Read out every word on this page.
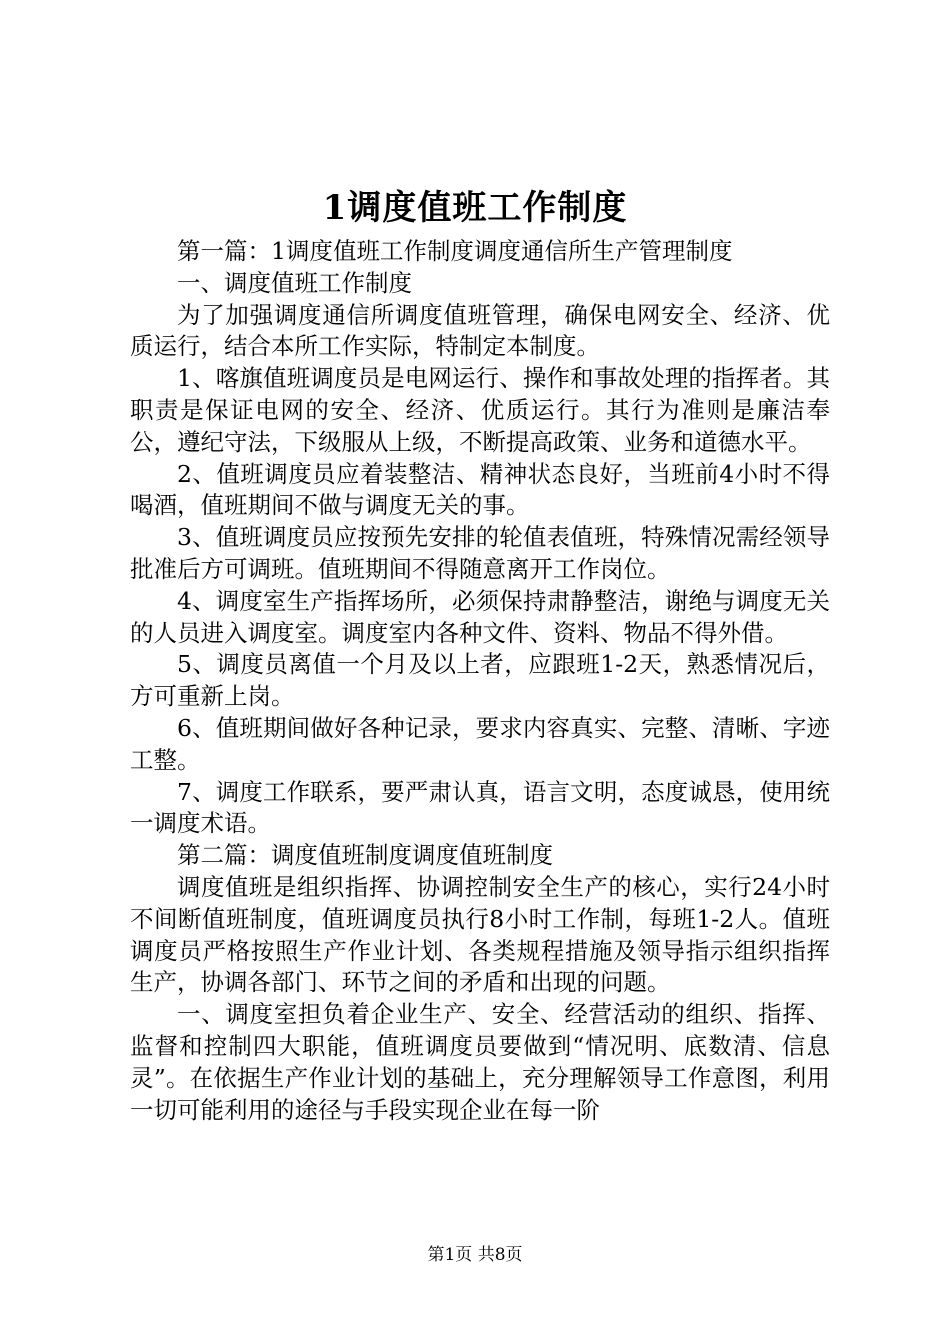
1调度值班工作制度

第一篇：1调度值班工作制度调度通信所生产管理制度

一、调度值班工作制度

为了加强调度通信所调度值班管理，确保电网安全、经济、优质运行，结合本所工作实际，特制定本制度。

1、喀旗值班调度员是电网运行、操作和事故处理的指挥者。其职责是保证电网的安全、经济、优质运行。其行为准则是廉洁奉公，遵纪守法，下级服从上级，不断提高政策、业务和道德水平。

2、值班调度员应着装整洁、精神状态良好，当班前4小时不得喝酒，值班期间不做与调度无关的事。

3、值班调度员应按预先安排的轮值表值班，特殊情况需经领导批准后方可调班。值班期间不得随意离开工作岗位。

4、调度室生产指挥场所，必须保持肃静整洁，谢绝与调度无关的人员进入调度室。调度室内各种文件、资料、物品不得外借。

5、调度员离值一个月及以上者，应跟班1-2天，熟悉情况后，方可重新上岗。

6、值班期间做好各种记录，要求内容真实、完整、清晰、字迹工整。

7、调度工作联系，要严肃认真，语言文明，态度诚恳，使用统一调度术语。

第二篇：调度值班制度调度值班制度

调度值班是组织指挥、协调控制安全生产的核心，实行24小时不间断值班制度，值班调度员执行8小时工作制，每班1-2人。值班调度员严格按照生产作业计划、各类规程措施及领导指示组织指挥生产，协调各部门、环节之间的矛盾和出现的问题。

一、调度室担负着企业生产、安全、经营活动的组织、指挥、监督和控制四大职能，值班调度员要做到“情况明、底数清、信息灵”。在依据生产作业计划的基础上，充分理解领导工作意图，利用一切可能利用的途径与手段实现企业在每一阶

第1页 共8页
